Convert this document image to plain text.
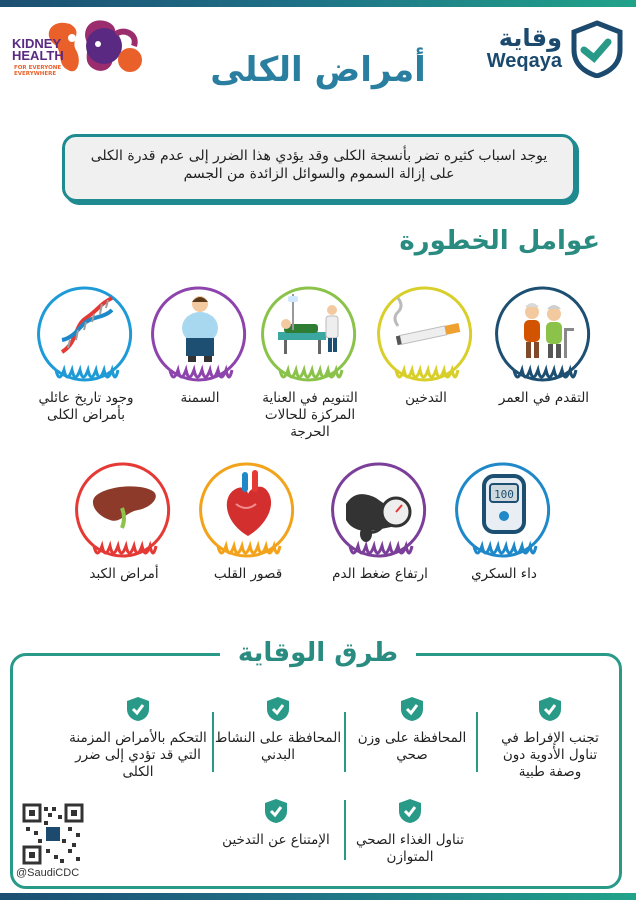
KIDNEY
HEALTH
FOR EVERYONE
EVERYWHERE
وقاية
Weqaya
أمراض الكلى

يوجد اسباب كثيره تضر بأنسجة الكلى وقد يؤدي هذا الضرر إلى عدم قدرة الكلى على إزالة السموم والسوائل الزائدة من الجسم

عوامل الخطورة
التقدم في العمر
التدخين
التنويم في العناية المركزة للحالات الحرجة
السمنة
وجود تاريخ عائلي بأمراض الكلى
100
داء السكري
ارتفاع ضغط الدم
قصور القلب
أمراض الكبد
طرق الوقاية
تجنب الإفراط في تناول الأدوية دون وصفة طبية
المحافظة على وزن صحي
المحافظة على النشاط البدني
التحكم بالأمراض المزمنة التي قد تؤدي إلى ضرر الكلى
تناول الغذاء الصحي المتوازن
الإمتناع عن التدخين
@SaudiCDC
